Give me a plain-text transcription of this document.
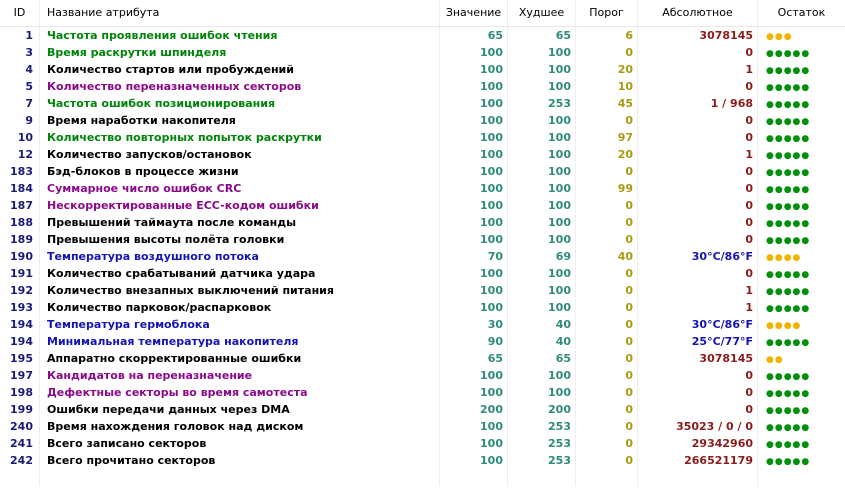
ID	Название атрибута	Значение	Худшее	Порог	Абсолютное	Остаток
1	Частота проявления ошибок чтения	65	65	6	3078145	●●●
3	Время раскрутки шпинделя	100	100	0	0	●●●●●
4	Количество стартов или пробуждений	100	100	20	1	●●●●●
5	Количество переназначенных секторов	100	100	10	0	●●●●●
7	Частота ошибок позиционирования	100	253	45	1 / 968	●●●●●
9	Время наработки накопителя	100	100	0	0	●●●●●
10	Количество повторных попыток раскрутки	100	100	97	0	●●●●●
12	Количество запусков/остановок	100	100	20	1	●●●●●
183	Бэд-блоков в процессе жизни	100	100	0	0	●●●●●
184	Суммарное число ошибок CRC	100	100	99	0	●●●●●
187	Нескорректированные ECC-кодом ошибки	100	100	0	0	●●●●●
188	Превышений таймаута после команды	100	100	0	0	●●●●●
189	Превышения высоты полёта головки	100	100	0	0	●●●●●
190	Температура воздушного потока	70	69	40	30°C/86°F	●●●●
191	Количество срабатываний датчика удара	100	100	0	0	●●●●●
192	Количество внезапных выключений питания	100	100	0	1	●●●●●
193	Количество парковок/распарковок	100	100	0	1	●●●●●
194	Температура гермоблока	30	40	0	30°C/86°F	●●●●
194	Минимальная температура накопителя	90	40	0	25°C/77°F	●●●●●
195	Аппаратно скорректированные ошибки	65	65	0	3078145	●●
197	Кандидатов на переназначение	100	100	0	0	●●●●●
198	Дефектные секторы во время самотеста	100	100	0	0	●●●●●
199	Ошибки передачи данных через DMA	200	200	0	0	●●●●●
240	Время нахождения головок над диском	100	253	0	35023 / 0 / 0	●●●●●
241	Всего записано секторов	100	253	0	29342960	●●●●●
242	Всего прочитано секторов	100	253	0	266521179	●●●●●
